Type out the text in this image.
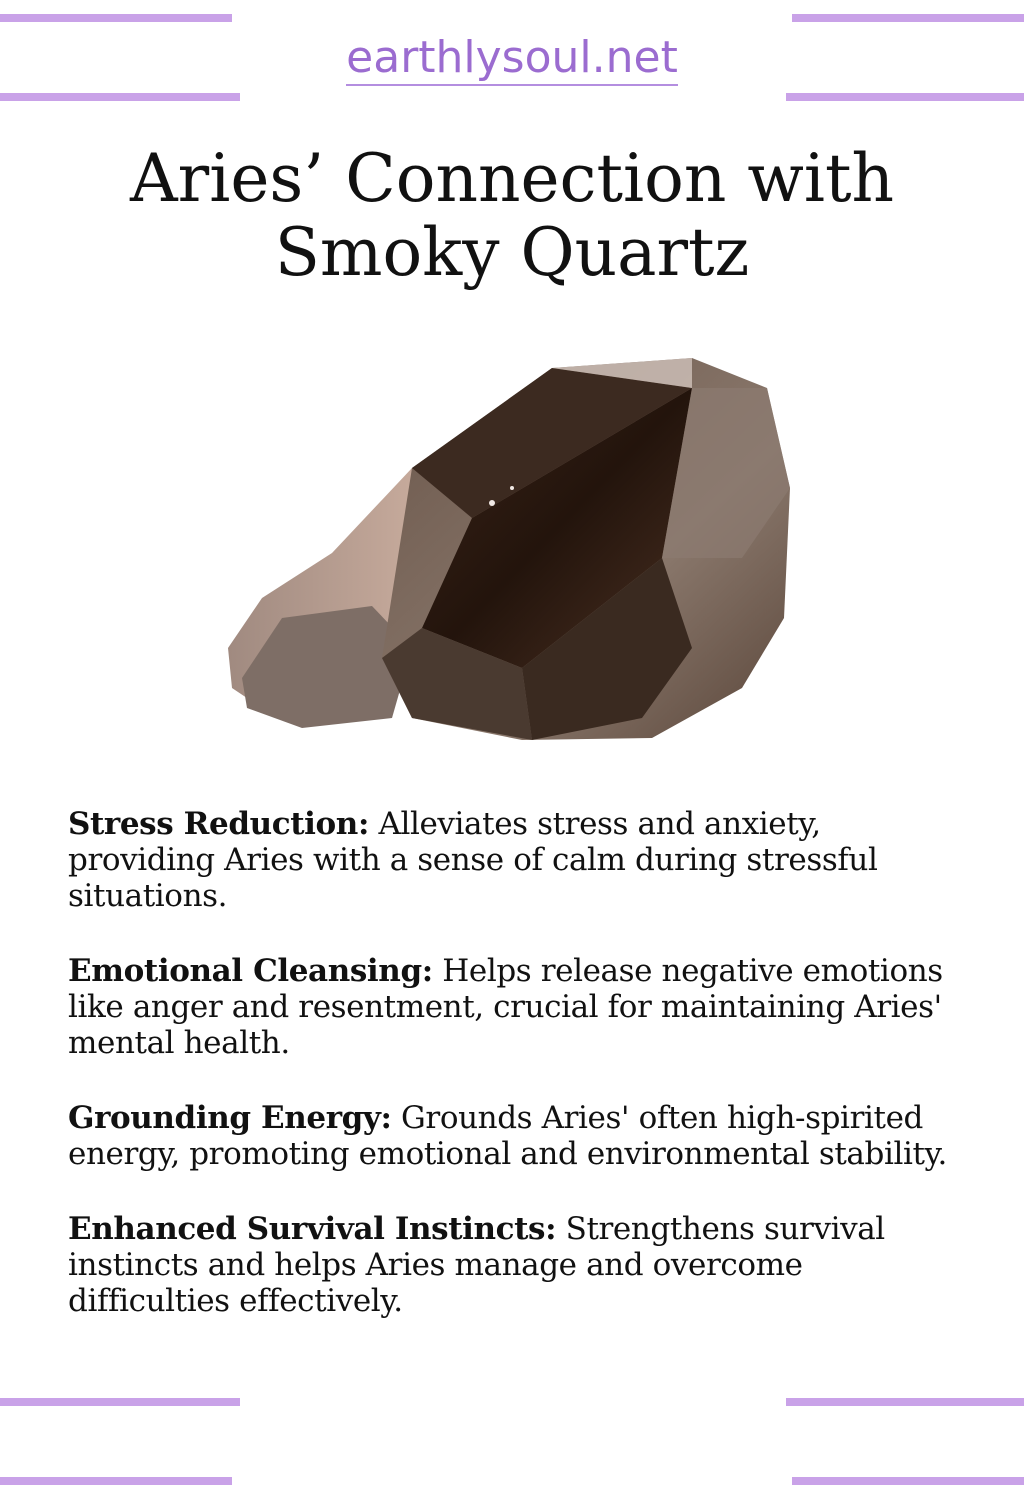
earthlysoul.net
Aries’ Connection with Smoky Quartz

Stress Reduction: Alleviates stress and anxiety, providing Aries with a sense of calm during stressful situations.

Emotional Cleansing: Helps release negative emotions like anger and resentment, crucial for maintaining Aries' mental health.

Grounding Energy: Grounds Aries' often high-spirited energy, promoting emotional and environmental stability.

Enhanced Survival Instincts: Strengthens survival instincts and helps Aries manage and overcome difficulties effectively.
